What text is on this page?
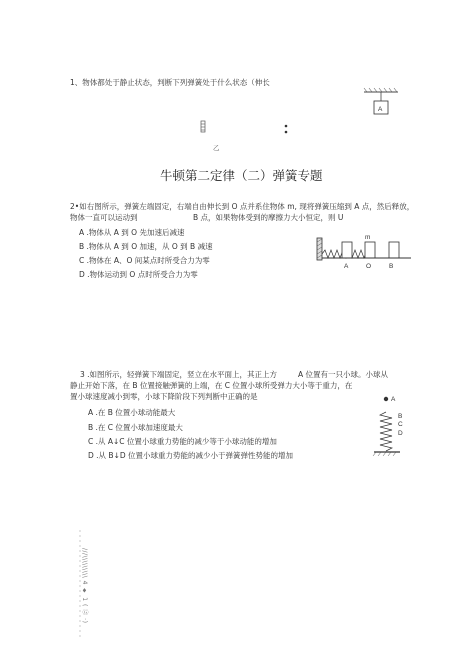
1、物体都处于静止状态，判断下列弹簧处于什么状态（伸长
A
乙
牛顿第二定律（二）弹簧专题
2•如右图所示，弹簧左端固定，右端自由伸长到 O 点并系住物体 m, 现将弹簧压缩到 A 点，然后释放，
物体一直可以运动到	B 点，如果物体受到的摩擦力大小恒定，则 U
A .物体从 A 到 O 先加速后减速
B .物体从 A 到 O 加速，从 O 到 B 减速
C .物体在 A、O 间某点时所受合力为零
D .物体运动到 O 点时所受合力为零
m
A	O	B
3 .如图所示，轻弹簧下端固定，竖立在水平面上，其正上方	A 位置有一只小球。小球从
静止开始下落，在 B 位置接触弹簧的上端，在 C 位置小球所受弹力大小等于重力，在
置小球速度减小到零，小球下降阶段下列判断中正确的是
A .在 B 位置小球动能最大
B .在 C 位置小球加速度最大
C .从 A↓C 位置小球重力势能的减少等于小球动能的增加
D .从 B↓D 位置小球重力势能的减少小于弹簧弹性势能的增加
A
B
C
D
///\\\\\\\\\ 4 ♦ 1 ( Ⓖ ·)
